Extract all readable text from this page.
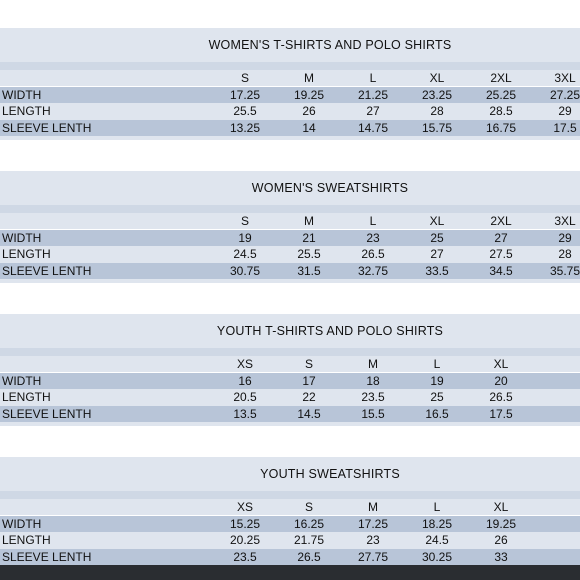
WOMEN'S T-SHIRTS AND POLO SHIRTS
S	M	L	XL	2XL	3XL
WIDTH	17.25	19.25	21.25	23.25	25.25	27.25
LENGTH	25.5	26	27	28	28.5	29
SLEEVE LENTH	13.25	14	14.75	15.75	16.75	17.5
WOMEN'S SWEATSHIRTS
S	M	L	XL	2XL	3XL
WIDTH	19	21	23	25	27	29
LENGTH	24.5	25.5	26.5	27	27.5	28
SLEEVE LENTH	30.75	31.5	32.75	33.5	34.5	35.75
YOUTH T-SHIRTS AND POLO SHIRTS
XS	S	M	L	XL
WIDTH	16	17	18	19	20
LENGTH	20.5	22	23.5	25	26.5
SLEEVE LENTH	13.5	14.5	15.5	16.5	17.5
YOUTH SWEATSHIRTS
XS	S	M	L	XL
WIDTH	15.25	16.25	17.25	18.25	19.25
LENGTH	20.25	21.75	23	24.5	26
SLEEVE LENTH	23.5	26.5	27.75	30.25	33
